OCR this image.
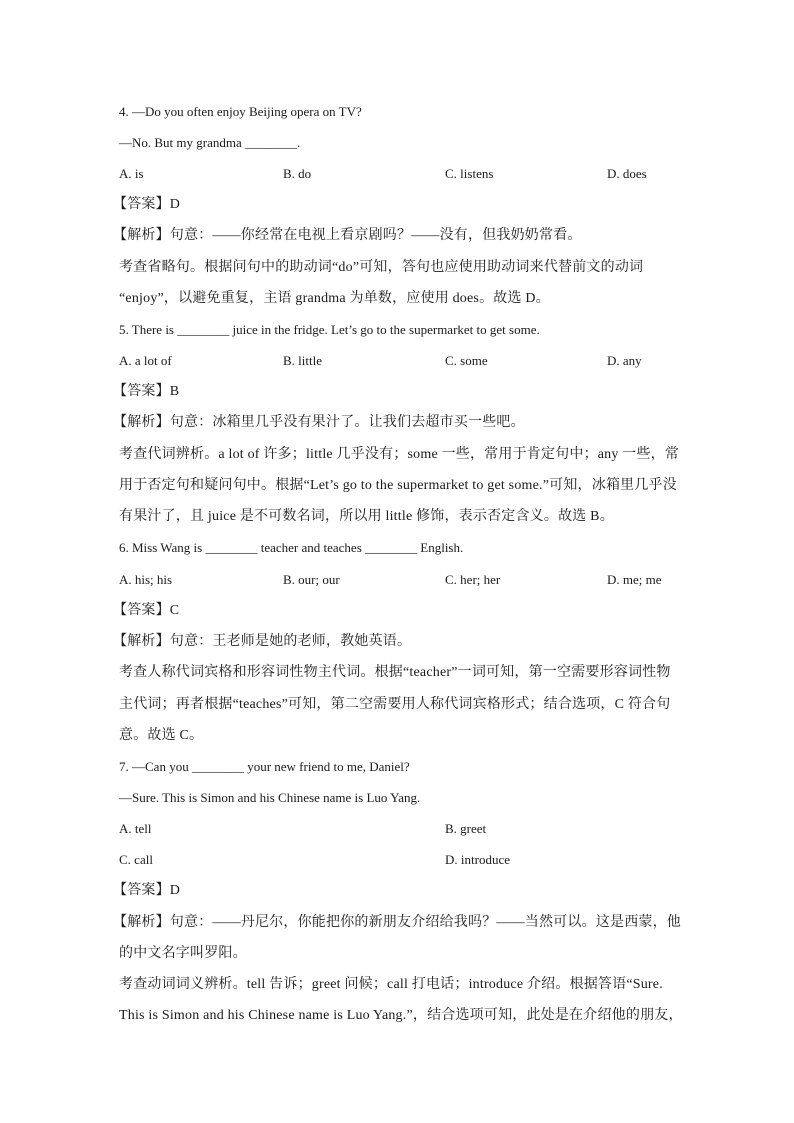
4. —Do you often enjoy Beijing opera on TV?
—No. But my grandma ________.
A. is	B. do	C. listens	D. does
【答案】D
【解析】句意：——你经常在电视上看京剧吗？——没有，但我奶奶常看。
考查省略句。根据问句中的助动词“do”可知，答句也应使用助动词来代替前文的动词
“enjoy”，以避免重复，主语 grandma 为单数，应使用 does。故选 D。
5. There is ________ juice in the fridge. Let’s go to the supermarket to get some.
A. a lot of	B. little	C. some	D. any
【答案】B
【解析】句意：冰箱里几乎没有果汁了。让我们去超市买一些吧。
考查代词辨析。a lot of 许多；little 几乎没有；some 一些，常用于肯定句中；any 一些，常
用于否定句和疑问句中。根据“Let’s go to the supermarket to get some.”可知，冰箱里几乎没
有果汁了，且 juice 是不可数名词，所以用 little 修饰，表示否定含义。故选 B。
6. Miss Wang is ________ teacher and teaches ________ English.
A. his; his	B. our; our	C. her; her	D. me; me
【答案】C
【解析】句意：王老师是她的老师，教她英语。
考查人称代词宾格和形容词性物主代词。根据“teacher”一词可知，第一空需要形容词性物
主代词；再者根据“teaches”可知，第二空需要用人称代词宾格形式；结合选项，C 符合句
意。故选 C。
7. —Can you ________ your new friend to me, Daniel?
—Sure. This is Simon and his Chinese name is Luo Yang.
A. tell	B. greet
C. call	D. introduce
【答案】D
【解析】句意：——丹尼尔，你能把你的新朋友介绍给我吗？——当然可以。这是西蒙，他
的中文名字叫罗阳。
考查动词词义辨析。tell 告诉；greet 问候；call 打电话；introduce 介绍。根据答语“Sure.
This is Simon and his Chinese name is Luo Yang.”，结合选项可知，此处是在介绍他的朋友，
